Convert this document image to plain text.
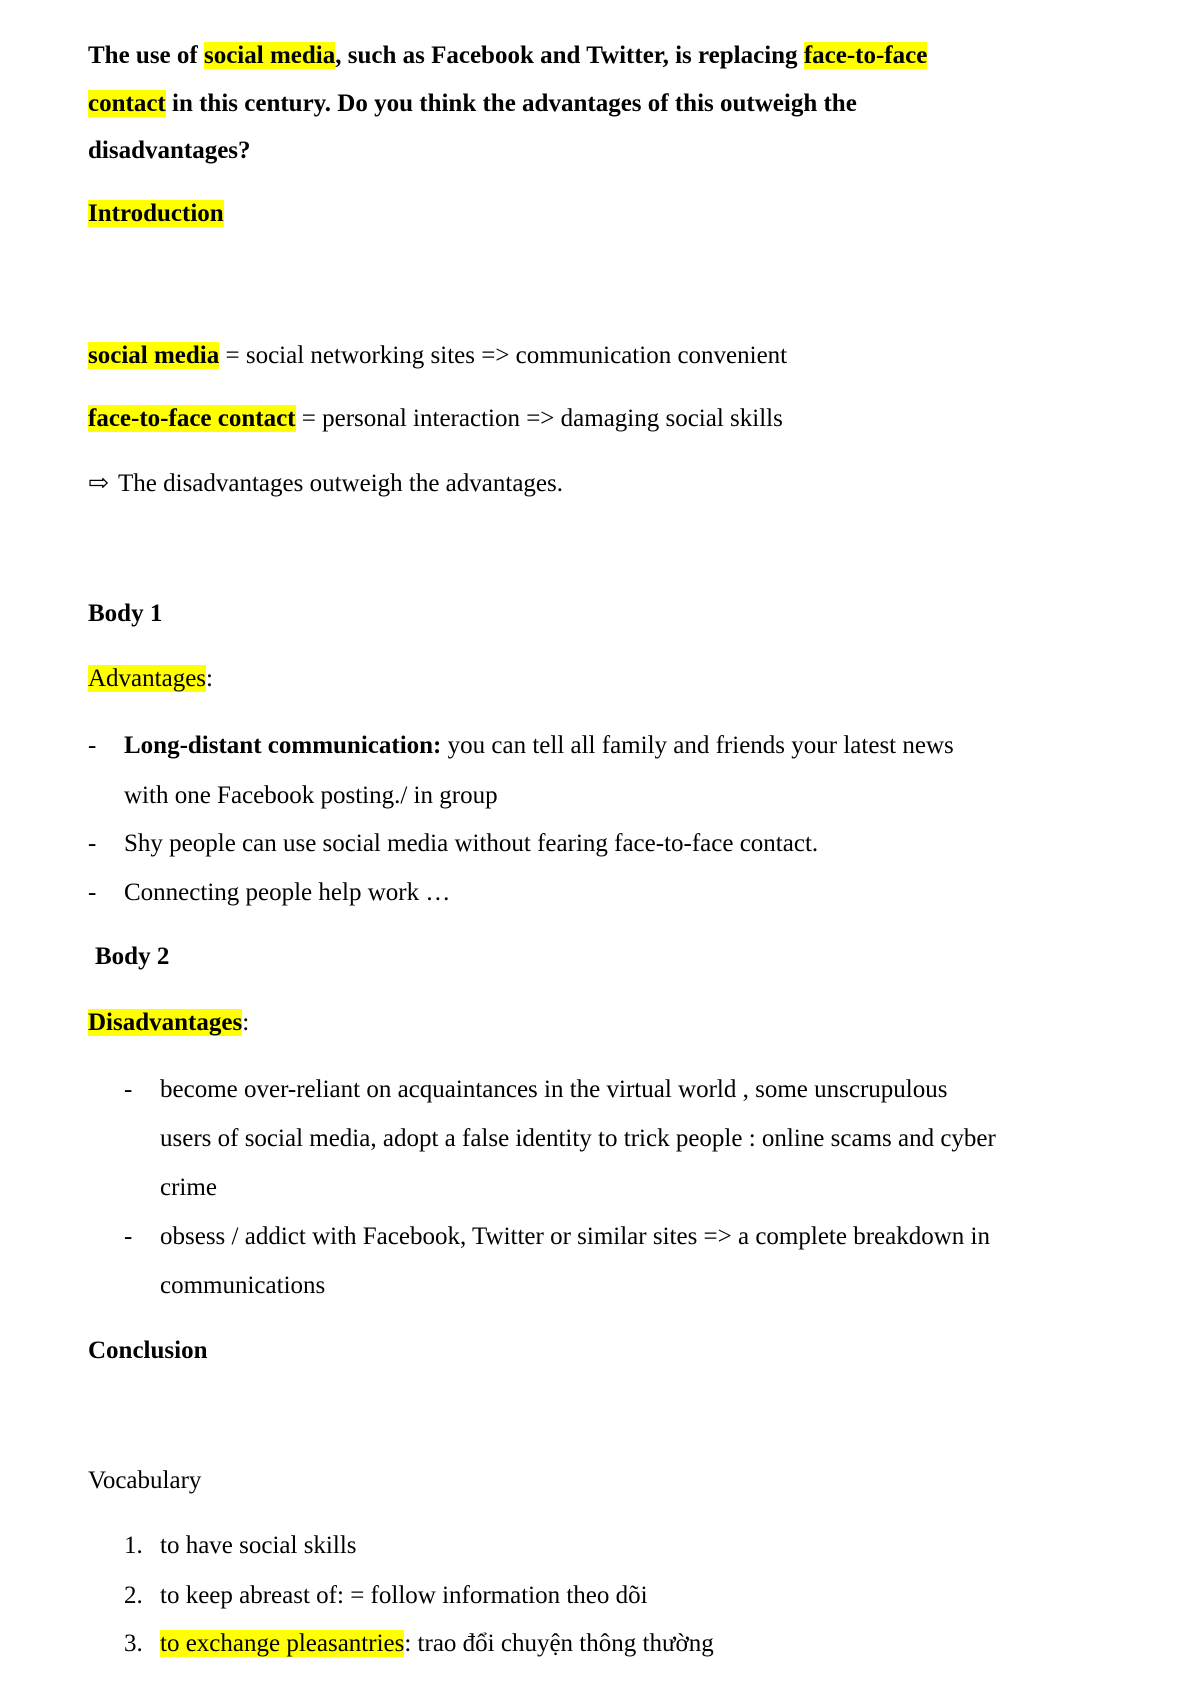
The use of social media, such as Facebook and Twitter, is replacing face-to-face
contact in this century. Do you think the advantages of this outweigh the
disadvantages?
Introduction
social media = social networking sites => communication convenient
face-to-face contact = personal interaction => damaging social skills
⇨ The disadvantages outweigh the advantages.
Body 1
Advantages:
- Long-distant communication: you can tell all family and friends your latest news
with one Facebook posting./ in group
- Shy people can use social media without fearing face-to-face contact.
- Connecting people help work …
Body 2
Disadvantages:
- become over-reliant on acquaintances in the virtual world , some unscrupulous
users of social media, adopt a false identity to trick people : online scams and cyber
crime
- obsess / addict with Facebook, Twitter or similar sites => a complete breakdown in
communications
Conclusion
Vocabulary
1. to have social skills
2. to keep abreast of: = follow information theo dõi
3. to exchange pleasantries: trao đổi chuyện thông thường
